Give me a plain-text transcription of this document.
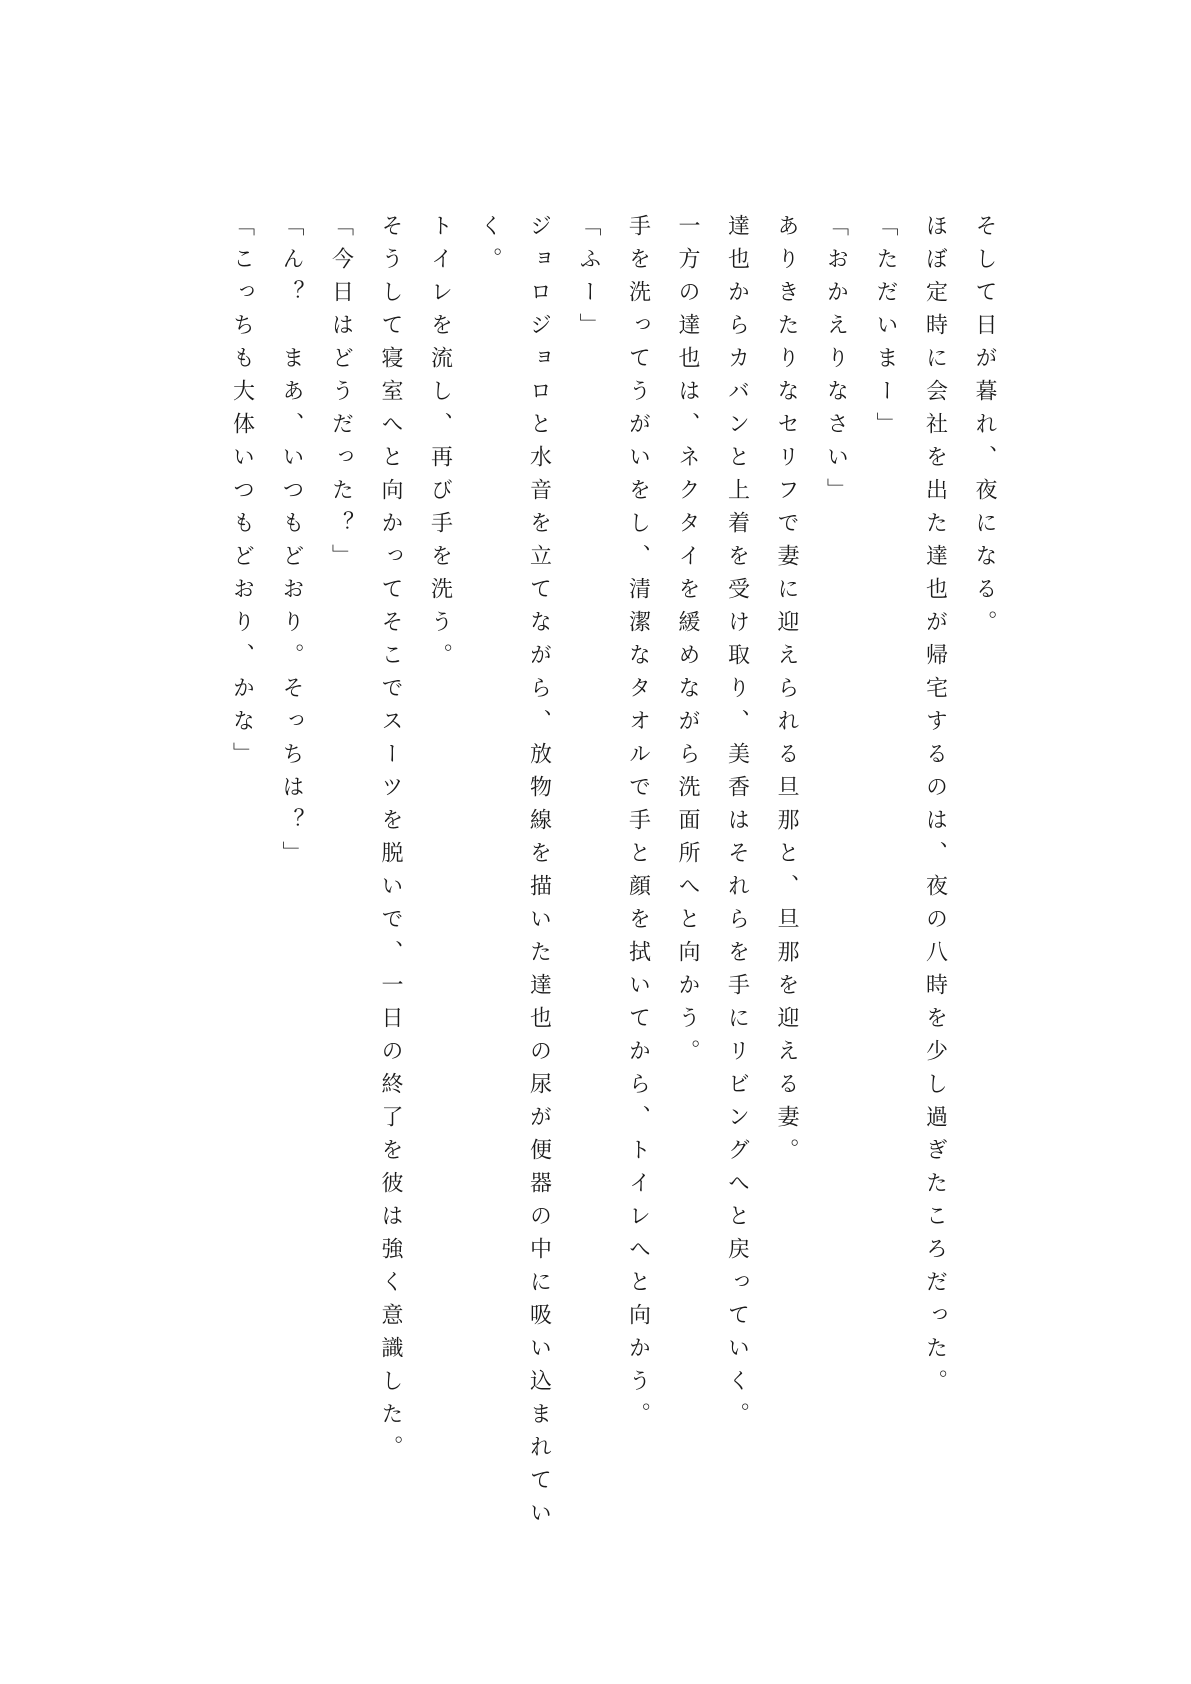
そして日が暮れ、夜になる。

ほぼ定時に会社を出た達也が帰宅するのは、夜の八時を少し過ぎたころだった。

「ただいまー」

「おかえりなさい」

ありきたりなセリフで妻に迎えられる旦那と、旦那を迎える妻。

達也からカバンと上着を受け取り、美香はそれらを手にリビングへと戻っていく。

一方の達也は、ネクタイを緩めながら洗面所へと向かう。

手を洗ってうがいをし、清潔なタオルで手と顔を拭いてから、トイレへと向かう。

「ふー」

ジョロジョロと水音を立てながら、放物線を描いた達也の尿が便器の中に吸い込まれていく。

トイレを流し、再び手を洗う。

そうして寝室へと向かってそこでスーツを脱いで、一日の終了を彼は強く意識した。

「今日はどうだった？」

「ん？　まあ、いつもどおり。そっちは？」

「こっちも大体いつもどおり、かな」
